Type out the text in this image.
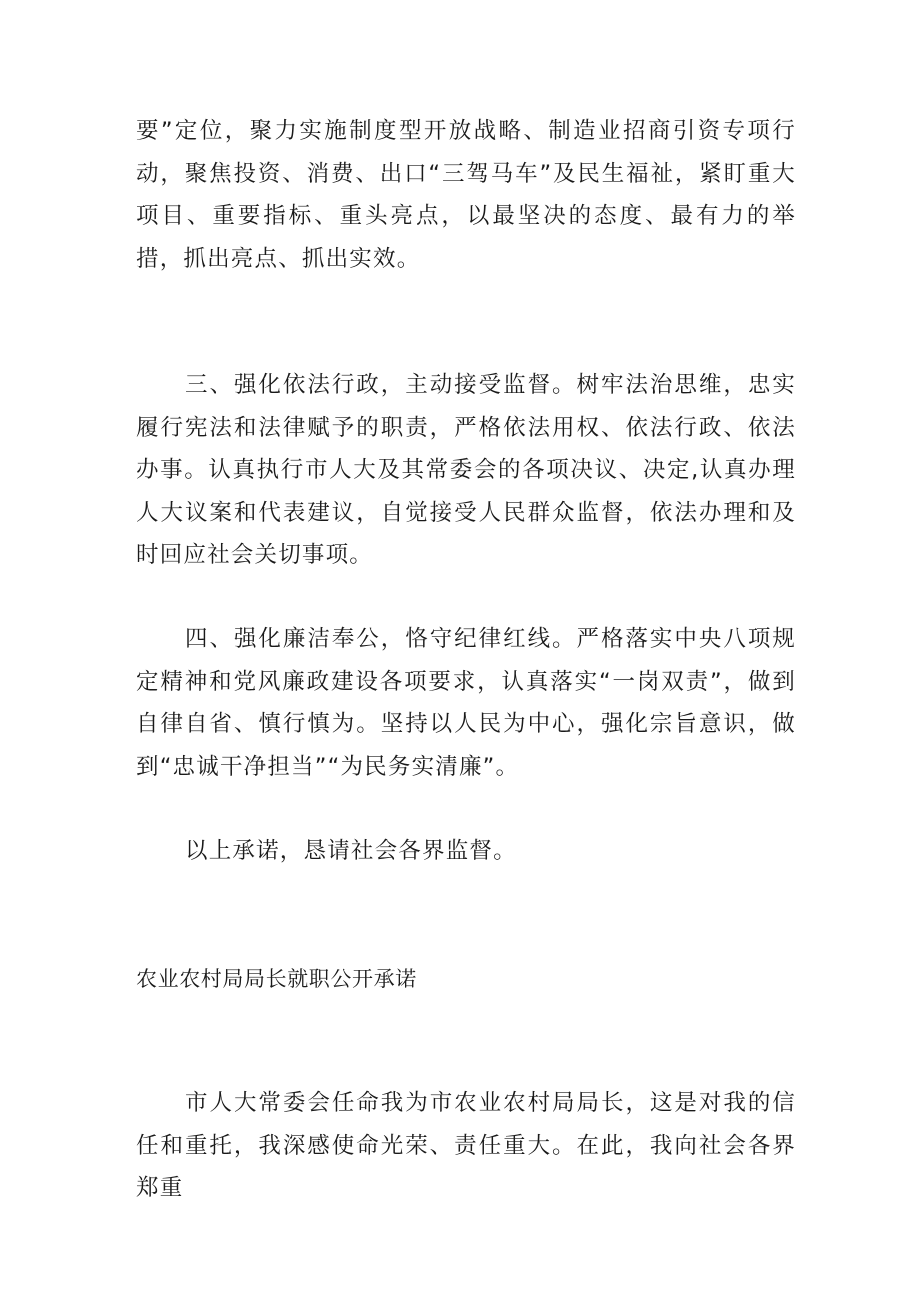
要”定位，聚力实施制度型开放战略、制造业招商引资专项行动，聚焦投资、消费、出口“三驾马车”及民生福祉，紧盯重大项目、重要指标、重头亮点，以最坚决的态度、最有力的举措，抓出亮点、抓出实效。

三、强化依法行政，主动接受监督。树牢法治思维，忠实履行宪法和法律赋予的职责，严格依法用权、依法行政、依法办事。认真执行市人大及其常委会的各项决议、决定,认真办理人大议案和代表建议，自觉接受人民群众监督，依法办理和及时回应社会关切事项。

四、强化廉洁奉公，恪守纪律红线。严格落实中央八项规定精神和党风廉政建设各项要求，认真落实“一岗双责”，做到自律自省、慎行慎为。坚持以人民为中心，强化宗旨意识，做到“忠诚干净担当”“为民务实清廉”。

以上承诺，恳请社会各界监督。

农业农村局局长就职公开承诺

市人大常委会任命我为市农业农村局局长，这是对我的信任和重托，我深感使命光荣、责任重大。在此，我向社会各界郑重
